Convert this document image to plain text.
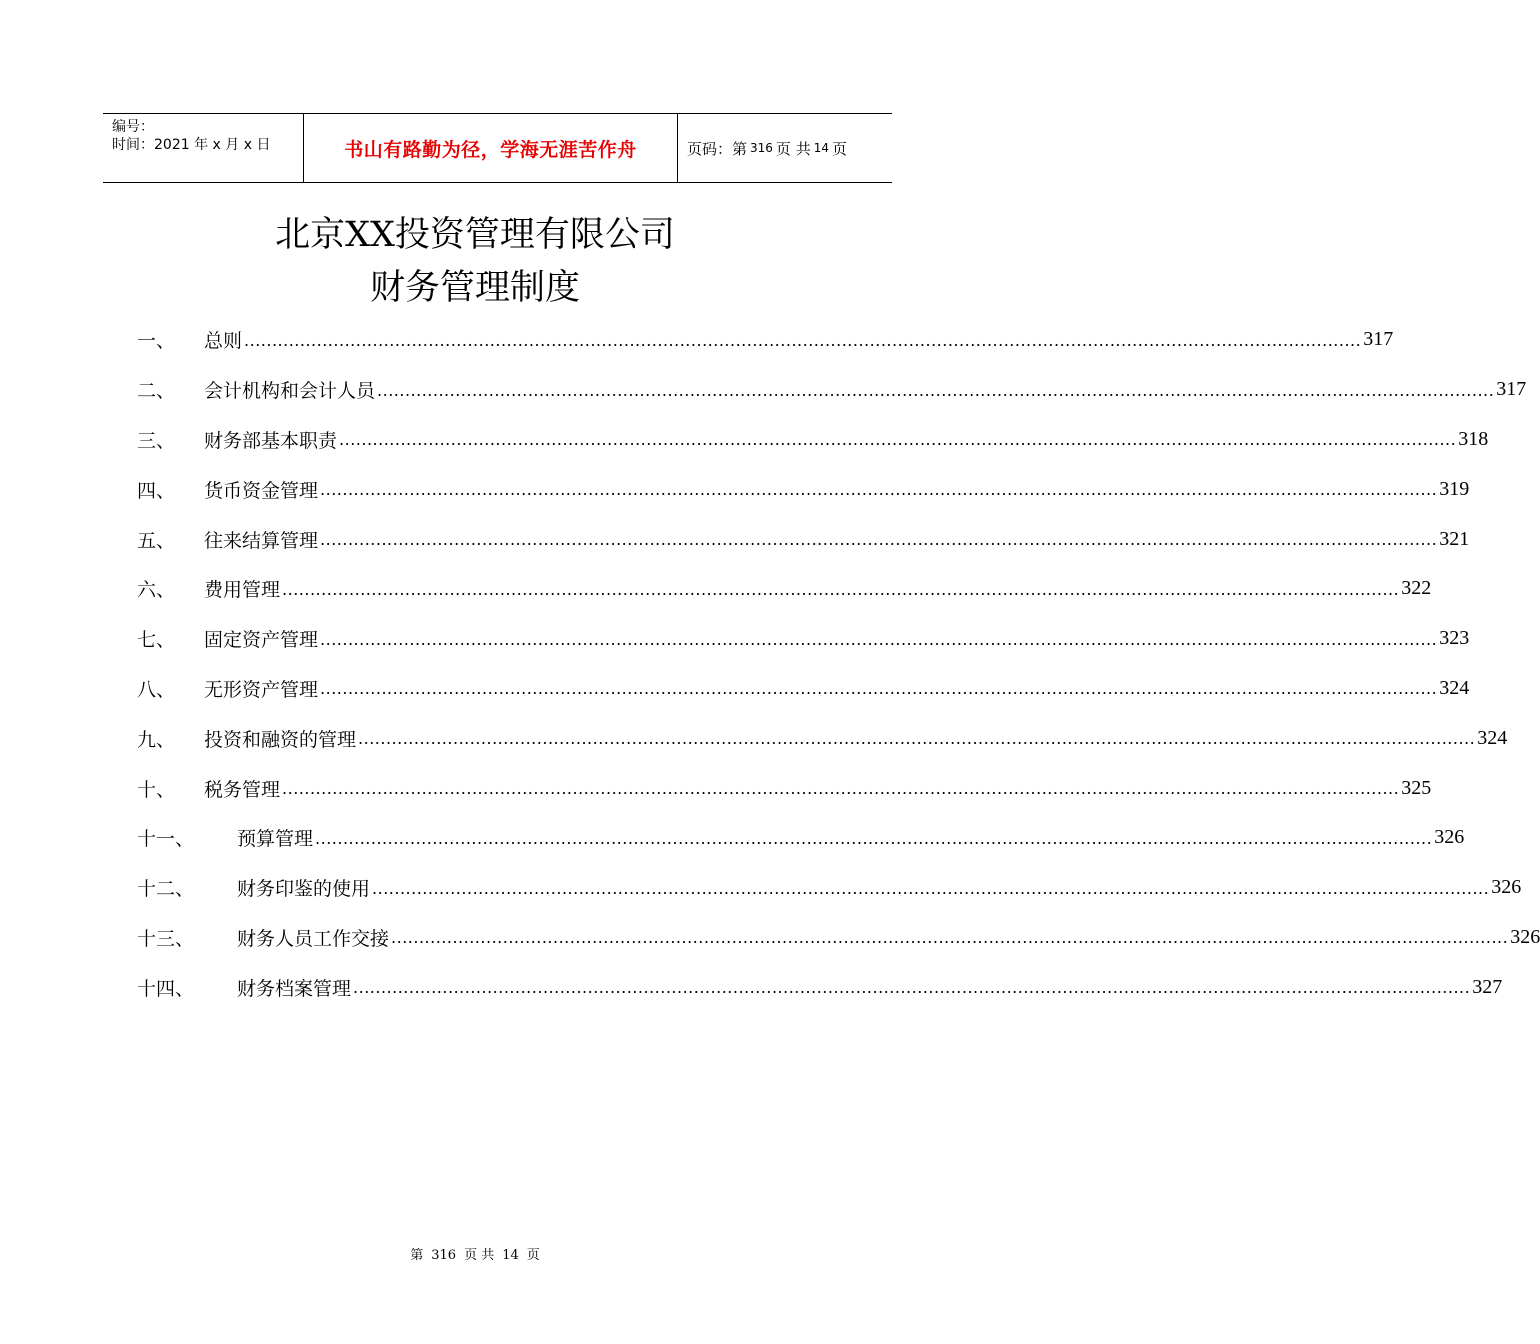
编号：
时间：2021 年 x 月 x 日	书山有路勤为径，学海无涯苦作舟	页码：第 316 页 共 14 页
北京XX投资管理有限公司
财务管理制度
一、	总则 ........................................................................................................................................................................................................ 317
二、	会计机构和会计人员 ........................................................................................................................................................................................................ 317
三、	财务部基本职责 ........................................................................................................................................................................................................ 318
四、	货币资金管理 ........................................................................................................................................................................................................ 319
五、	往来结算管理 ........................................................................................................................................................................................................ 321
六、	费用管理 ........................................................................................................................................................................................................ 322
七、	固定资产管理 ........................................................................................................................................................................................................ 323
八、	无形资产管理 ........................................................................................................................................................................................................ 324
九、	投资和融资的管理 ........................................................................................................................................................................................................ 324
十、	税务管理 ........................................................................................................................................................................................................ 325
十一、	预算管理 ........................................................................................................................................................................................................ 326
十二、	财务印鉴的使用 ........................................................................................................................................................................................................ 326
十三、	财务人员工作交接 ........................................................................................................................................................................................................ 326
十四、	财务档案管理 ........................................................................................................................................................................................................ 327
第 316 页 共 14 页
